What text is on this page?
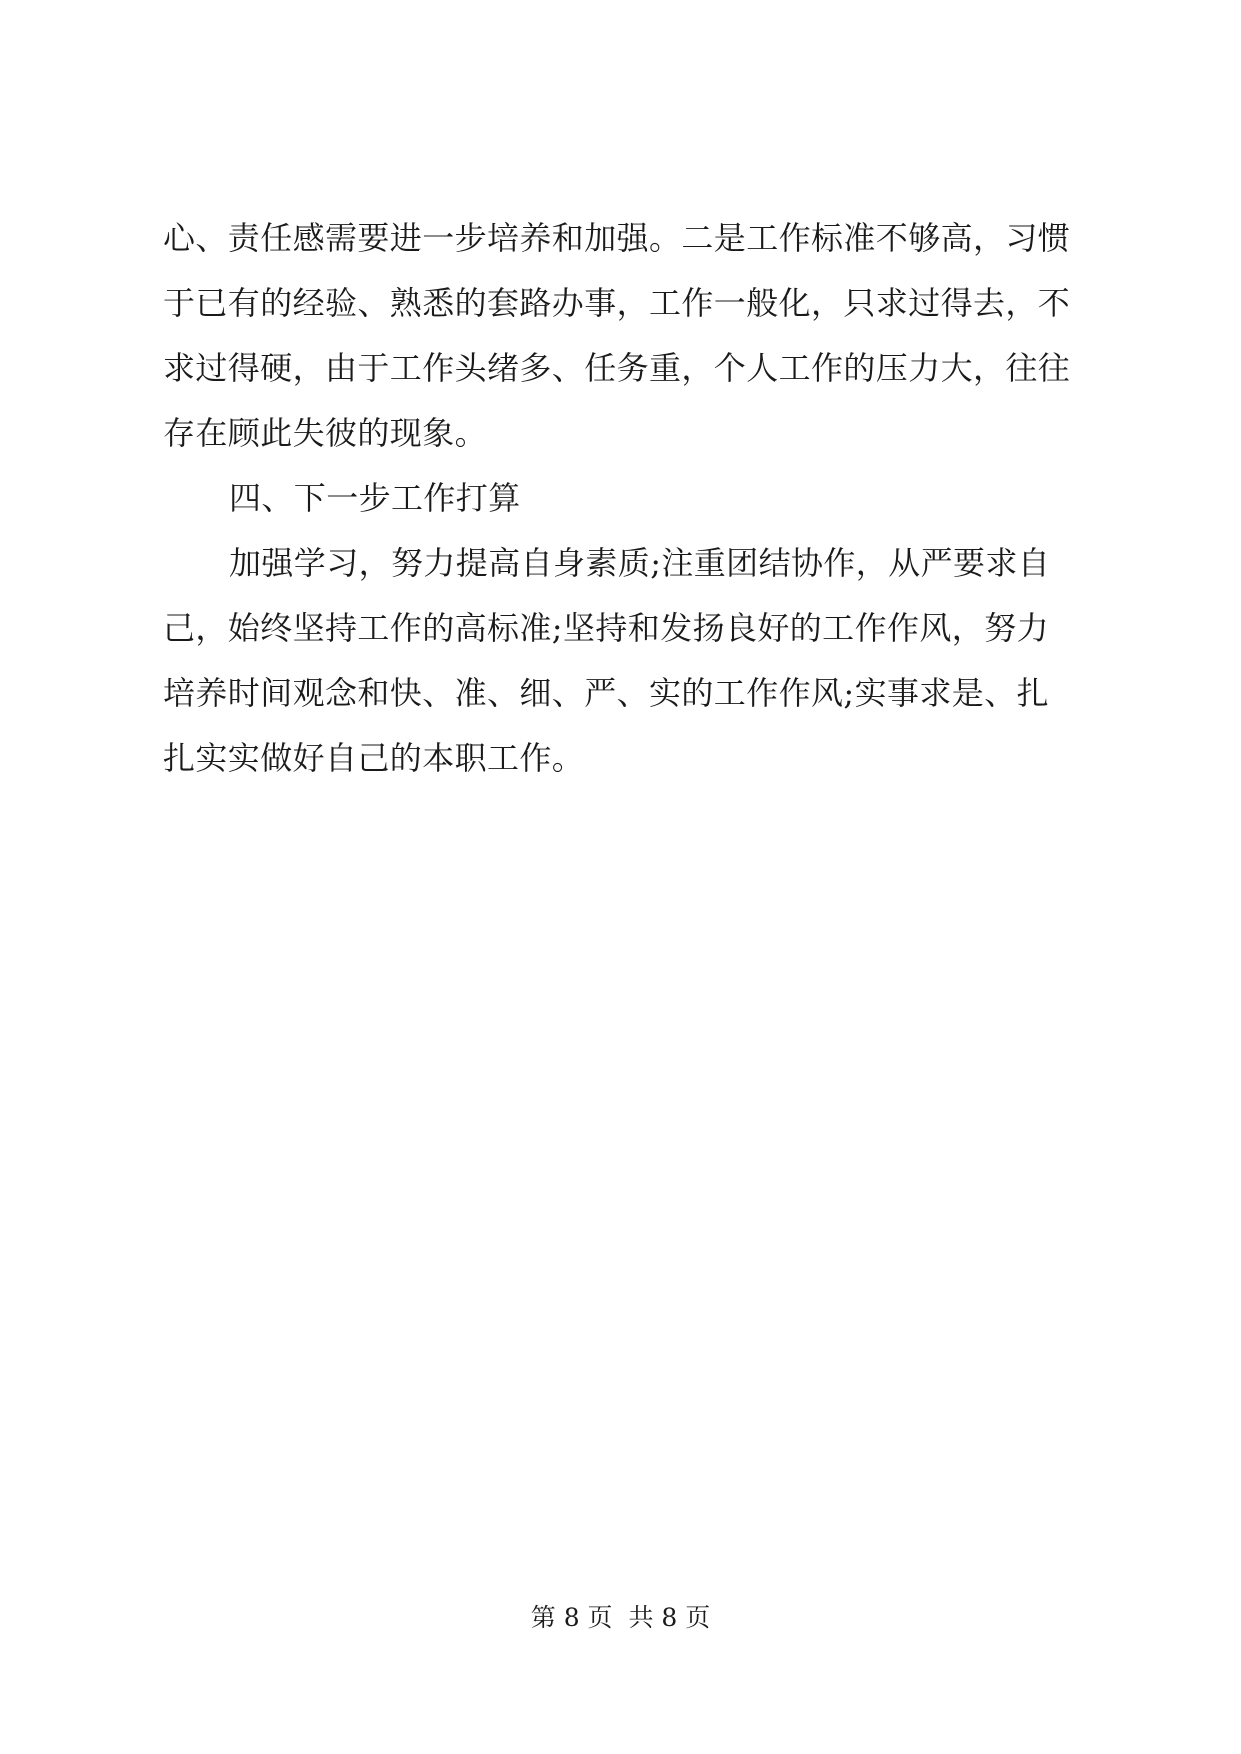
心、责任感需要进一步培养和加强。二是工作标准不够高，习惯
于已有的经验、熟悉的套路办事，工作一般化，只求过得去，不
求过得硬，由于工作头绪多、任务重，个人工作的压力大，往往
存在顾此失彼的现象。
四、下一步工作打算
加强学习，努力提高自身素质;注重团结协作，从严要求自
己，始终坚持工作的高标准;坚持和发扬良好的工作作风，努力
培养时间观念和快、准、细、严、实的工作作风;实事求是、扎
扎实实做好自己的本职工作。
第 8 页  共 8 页
